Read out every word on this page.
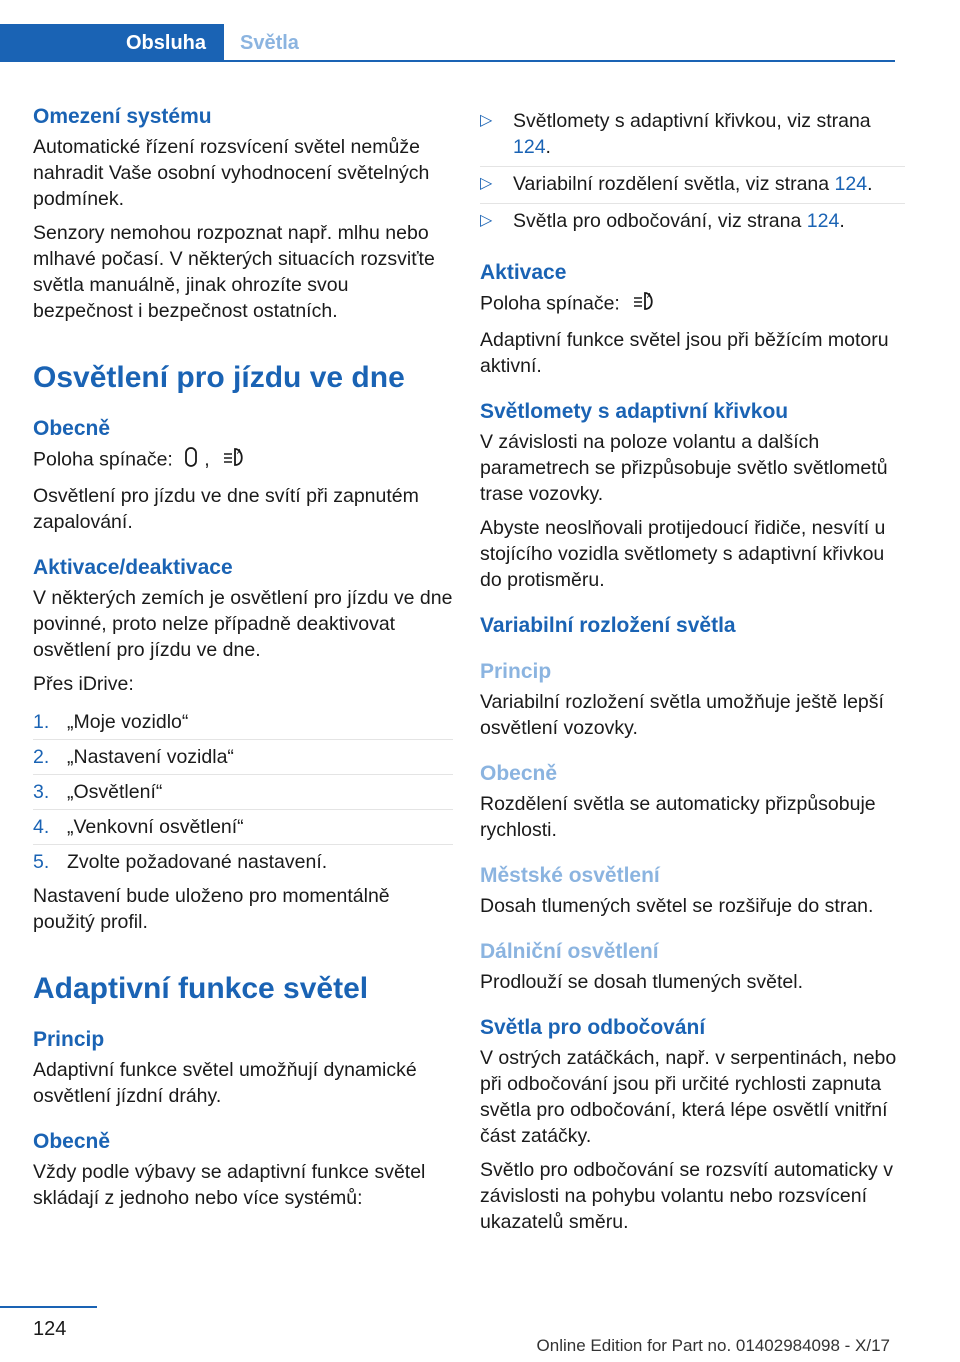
Obsluha Světla
Omezení systému

Automatické řízení rozsvícení světel nemůže nahradit Vaše osobní vyhodnocení světelných podmínek.

Senzory nemohou rozpoznat např. mlhu nebo mlhavé počasí. V některých situacích rozsviťte světla manuálně, jinak ohrozíte svou bezpečnost i bezpečnost ostatních.

Osvětlení pro jízdu ve dne
Obecně

Poloha spínače: ,	A

Osvětlení pro jízdu ve dne svítí při zapnutém zapalování.

Aktivace/deaktivace

V některých zemích je osvětlení pro jízdu ve dne povinné, proto nelze případně deaktivovat osvětlení pro jízdu ve dne.

Přes iDrive:

1. „Moje vozidlo“
2. „Nastavení vozidla“
3. „Osvětlení“
4. „Venkovní osvětlení“
5. Zvolte požadované nastavení.

Nastavení bude uloženo pro momentálně použitý profil.

Adaptivní funkce světel
Princip

Adaptivní funkce světel umožňují dynamické osvětlení jízdní dráhy.

Obecně

Vždy podle výbavy se adaptivní funkce světel skládají z jednoho nebo více systémů:

▷	Světlomety s adaptivní křivkou, viz strana 124.
▷	Variabilní rozdělení světla, viz strana 124.
▷	Světla pro odbočování, viz strana 124.
Aktivace

Poloha spínače:	A

Adaptivní funkce světel jsou při běžícím motoru aktivní.

Světlomety s adaptivní křivkou

V závislosti na poloze volantu a dalších parametrech se přizpůsobuje světlo světlometů trase vozovky.

Abyste neoslňovali protijedoucí řidiče, nesvítí u stojícího vozidla světlomety s adaptivní křivkou do protisměru.

Variabilní rozložení světla
Princip

Variabilní rozložení světla umožňuje ještě lepší osvětlení vozovky.

Obecně

Rozdělení světla se automaticky přizpůsobuje rychlosti.

Městské osvětlení

Dosah tlumených světel se rozšiřuje do stran.

Dálniční osvětlení

Prodlouží se dosah tlumených světel.

Světla pro odbočování

V ostrých zatáčkách, např. v serpentinách, nebo při odbočování jsou při určité rychlosti zapnuta světla pro odbočování, která lépe osvětlí vnitřní část zatáčky.

Světlo pro odbočování se rozsvítí automaticky v závislosti na pohybu volantu nebo rozsvícení ukazatelů směru.

124
Online Edition for Part no. 01402984098 - X/17
